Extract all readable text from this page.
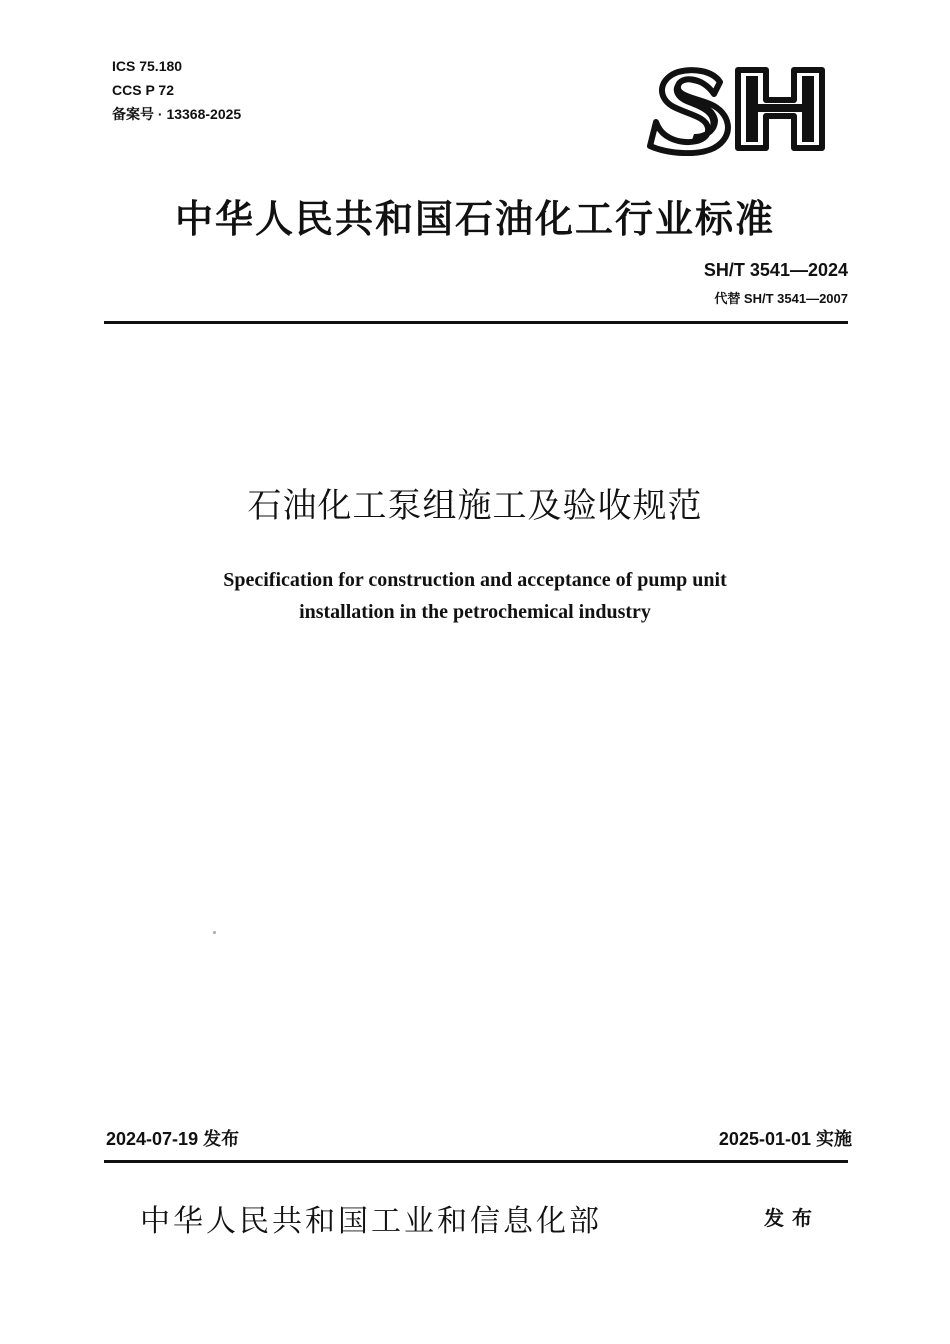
ICS 75.180
CCS P 72
备案号 · 13368-2025
中华人民共和国石油化工行业标准
SH/T 3541—2024
代替 SH/T 3541—2007
石油化工泵组施工及验收规范
Specification for construction and acceptance of pump unit
installation in the petrochemical industry
2024-07-19 发布	2025-01-01 实施
中华人民共和国工业和信息化部	发布
